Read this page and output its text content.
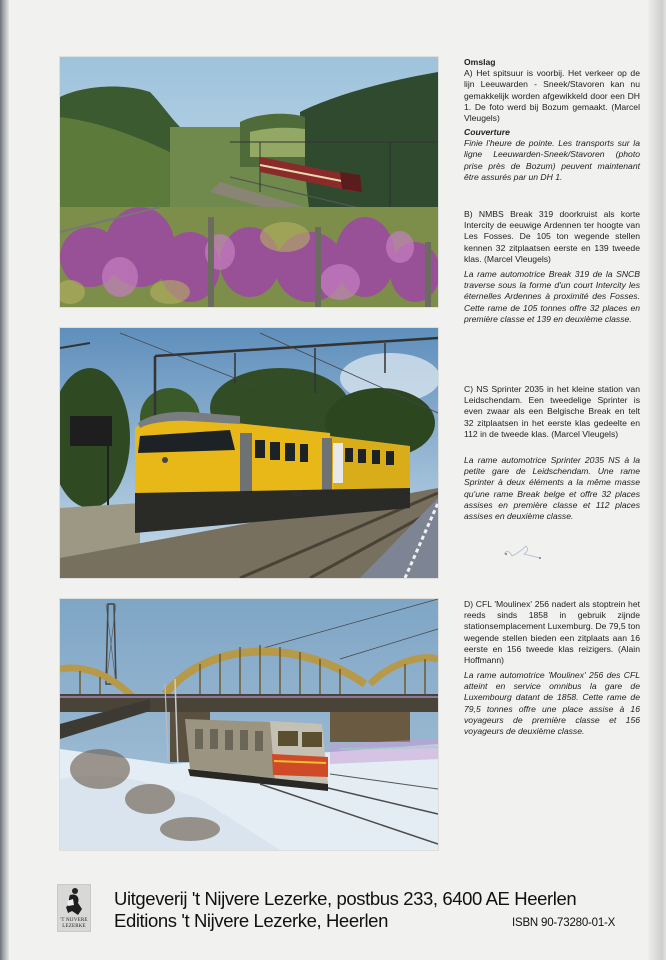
NS
Omslag

A) Het spitsuur is voorbij. Het verkeer op de lijn Leeuwarden - Sneek/Stavoren kan nu gemakkelijk worden afgewikkeld door een DH 1. De foto werd bij Bozum gemaakt. (Marcel Vleugels)

Couverture

Finie l'heure de pointe. Les transports sur la ligne Leeuwarden-Sneek/Stavoren (photo prise près de Bozum) peuvent maintenant être assurés par un DH 1.

B) NMBS Break 319 doorkruist als korte Intercity de eeuwige Ardennen ter hoogte van Les Fosses. De 105 ton wegende stellen kennen 32 zitplaatsen eerste en 139 tweede klas. (Marcel Vleugels)

La rame automotrice Break 319 de la SNCB traverse sous la forme d'un court Intercity les éternelles Ardennes à proximité des Fosses. Cette rame de 105 tonnes offre 32 places en première classe et 139 en deuxième classe.

C) NS Sprinter 2035 in het kleine station van Leidschendam. Een tweedelige Sprinter is even zwaar als een Belgische Break en telt 32 zitplaatsen in het eerste klas gedeelte en 112 in de tweede klas. (Marcel Vleugels)

La rame automotrice Sprinter 2035 NS à la petite gare de Leidschendam. Une rame Sprinter à deux éléments a la même masse qu'une rame Break belge et offre 32 places assises en première classe et 112 places assises en deuxième classe.

D) CFL 'Moulinex' 256 nadert als stoptrein het reeds sinds 1858 in gebruik zijnde stationsemplacement Luxemburg. De 79,5 ton wegende stellen bieden een zitplaats aan 16 eerste en 156 tweede klas reizigers. (Alain Hoffmann)

La rame automotrice 'Moulinex' 256 des CFL atteint en service omnibus la gare de Luxembourg datant de 1858. Cette rame de 79,5 tonnes offre une place assise à 16 voyageurs de première classe et 156 voyageurs de deuxième classe.

'T NIJVERE
LEZERKE
Uitgeverij 't Nijvere Lezerke, postbus 233, 6400 AE Heerlen
Editions 't Nijvere Lezerke, Heerlen	ISBN 90-73280-01-X
